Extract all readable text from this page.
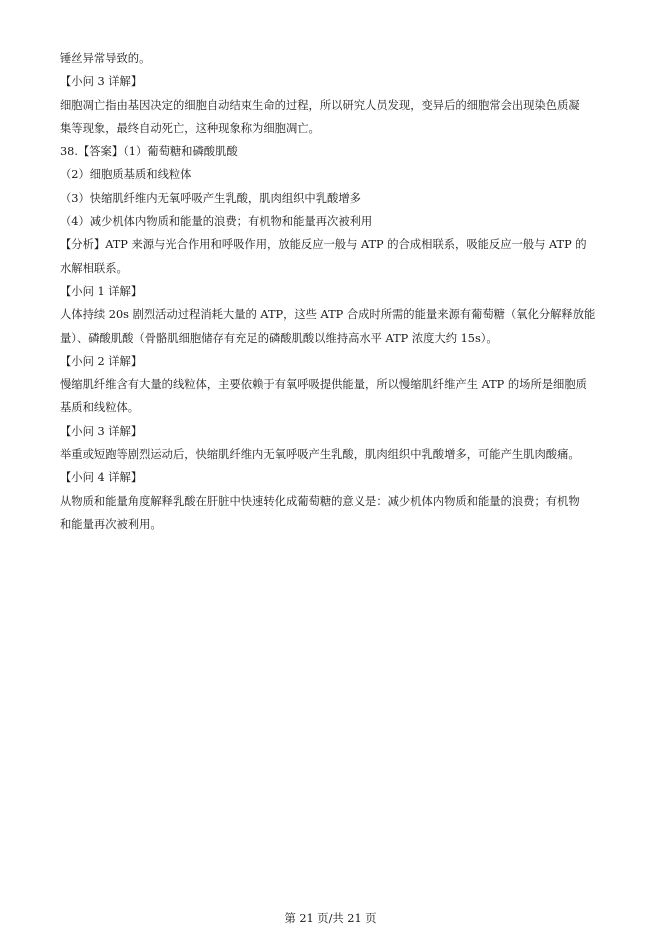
锤丝异常导致的。
【小问 3 详解】
细胞凋亡指由基因决定的细胞自动结束生命的过程，所以研究人员发现，变异后的细胞常会出现染色质凝
集等现象，最终自动死亡，这种现象称为细胞凋亡。
38.【答案】（1）葡萄糖和磷酸肌酸
（2）细胞质基质和线粒体
（3）快缩肌纤维内无氧呼吸产生乳酸，肌肉组织中乳酸增多
（4）减少机体内物质和能量的浪费；有机物和能量再次被利用
【分析】ATP 来源与光合作用和呼吸作用，放能反应一般与 ATP 的合成相联系，吸能反应一般与 ATP 的
水解相联系。
【小问 1 详解】
人体持续 20s 剧烈活动过程消耗大量的 ATP，这些 ATP 合成时所需的能量来源有葡萄糖（氧化分解释放能
量）、磷酸肌酸（骨骼肌细胞储存有充足的磷酸肌酸以维持高水平 ATP 浓度大约 15s）。
【小问 2 详解】
慢缩肌纤维含有大量的线粒体，主要依赖于有氧呼吸提供能量，所以慢缩肌纤维产生 ATP 的场所是细胞质
基质和线粒体。
【小问 3 详解】
举重或短跑等剧烈运动后，快缩肌纤维内无氧呼吸产生乳酸，肌肉组织中乳酸增多，可能产生肌肉酸痛。
【小问 4 详解】
从物质和能量角度解释乳酸在肝脏中快速转化成葡萄糖的意义是：减少机体内物质和能量的浪费；有机物
和能量再次被利用。
第 21 页/共 21 页
